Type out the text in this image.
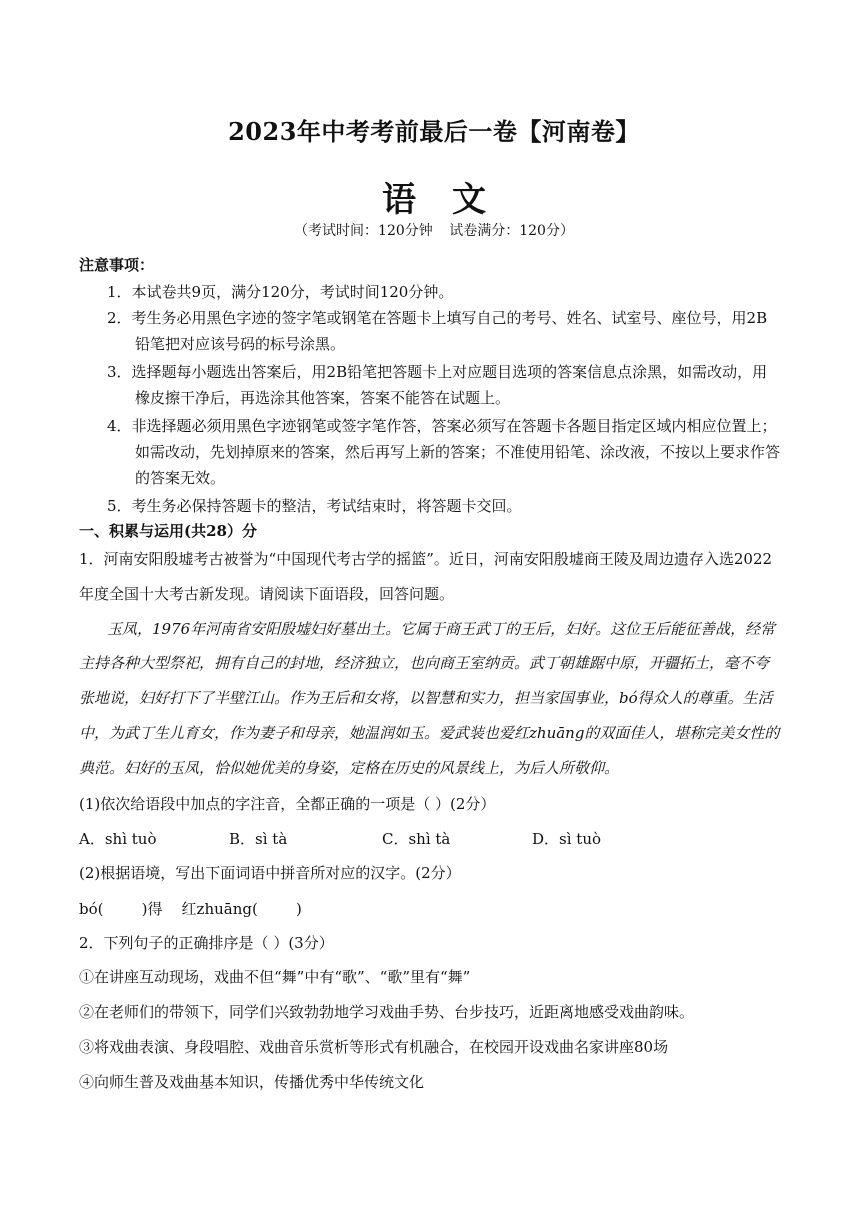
2023年中考考前最后一卷【河南卷】
语文
（考试时间：120分钟 试卷满分：120分）
注意事项：
1．本试卷共9页，满分120分，考试时间120分钟。
2．考生务必用黑色字迹的签字笔或钢笔在答题卡上填写自己的考号、姓名、试室号、座位号，用2B
铅笔把对应该号码的标号涂黑。
3．选择题每小题选出答案后，用2B铅笔把答题卡上对应题目选项的答案信息点涂黑，如需改动，用
橡皮擦干净后，再选涂其他答案，答案不能答在试题上。
4．非选择题必须用黑色字迹钢笔或签字笔作答，答案必须写在答题卡各题目指定区域内相应位置上；
如需改动，先划掉原来的答案，然后再写上新的答案；不准使用铅笔、涂改液，不按以上要求作答
的答案无效。
5．考生务必保持答题卡的整洁，考试结束时，将答题卡交回。
一、积累与运用(共28）分
1．河南安阳殷墟考古被誉为“中国现代考古学的摇篮”。近日，河南安阳殷墟商王陵及周边遗存入选2022
年度全国十大考古新发现。请阅读下面语段，回答问题。
玉凤，1976年河南省安阳殷墟妇好墓出土。它属于商王武丁的王后，妇好。这位王后能征善战，经常
主持各种大型祭祀，拥有自己的封地，经济独立，也向商王室纳贡。武丁朝雄踞中原，开疆拓土，毫不夸
张地说，妇好打下了半壁江山。作为王后和女将，以智慧和实力，担当家国事业，bó得众人的尊重。生活
中，为武丁生儿育女，作为妻子和母亲，她温润如玉。爱武装也爱红zhuāng的双面佳人，堪称完美女性的
典范。妇好的玉凤，恰似她优美的身姿，定格在历史的风景线上，为后人所敬仰。
(1)依次给语段中加点的字注音，全都正确的一项是（ ）(2分）
A．shì tuò	B．sì tà	C．shì tà	D．sì tuò
(2)根据语境，写出下面词语中拼音所对应的汉字。(2分）
bó(        )得    红zhuāng(        )
2．下列句子的正确排序是（ ）(3分）
①在讲座互动现场，戏曲不但“舞”中有“歌”、“歌”里有“舞”
②在老师们的带领下，同学们兴致勃勃地学习戏曲手势、台步技巧，近距离地感受戏曲韵味。
③将戏曲表演、身段唱腔、戏曲音乐赏析等形式有机融合，在校园开设戏曲名家讲座80场
④向师生普及戏曲基本知识，传播优秀中华传统文化
